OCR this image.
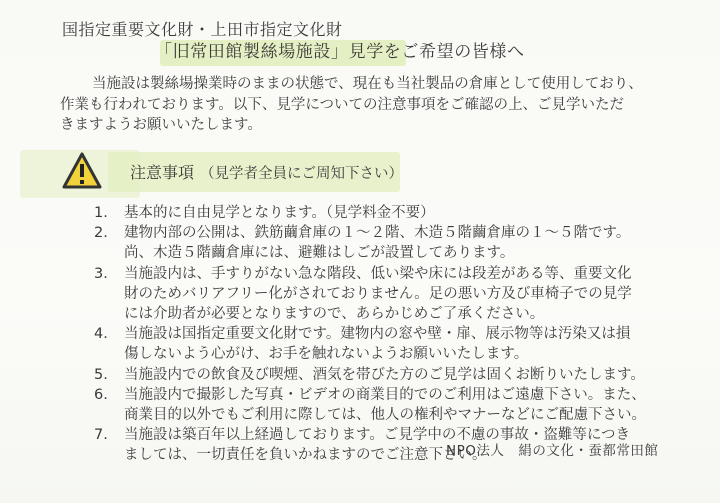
国指定重要文化財・上田市指定文化財
「旧常田館製絲場施設」見学をご希望の皆様へ
当施設は製絲場操業時のままの状態で、現在も当社製品の倉庫として使用しており、
作業も行われております。以下、見学についての注意事項をご確認の上、ご見学いただ
きますようお願いいたします。
注意事項 （見学者全員にご周知下さい）
1.	基本的に自由見学となります。（見学料金不要）
2.	建物内部の公開は、鉄筋繭倉庫の１～２階、木造５階繭倉庫の１～５階です。
尚、木造５階繭倉庫には、避難はしごが設置してあります。
3.	当施設内は、手すりがない急な階段、低い梁や床には段差がある等、重要文化
財のためバリアフリー化がされておりません。足の悪い方及び車椅子での見学
には介助者が必要となりますので、あらかじめご了承ください。
4.	当施設は国指定重要文化財です。建物内の窓や壁・扉、展示物等は汚染又は損
傷しないよう心がけ、お手を触れないようお願いいたします。
5.	当施設内での飲食及び喫煙、酒気を帯びた方のご見学は固くお断りいたします。
6.	当施設内で撮影した写真・ビデオの商業目的でのご利用はご遠慮下さい。また、
商業目的以外でもご利用に際しては、他人の権利やマナーなどにご配慮下さい。
7.	当施設は築百年以上経過しております。ご見学中の不慮の事故・盗難等につき
ましては、一切責任を負いかねますのでご注意下さい。
NPO法人　絹の文化・蚕都常田館
